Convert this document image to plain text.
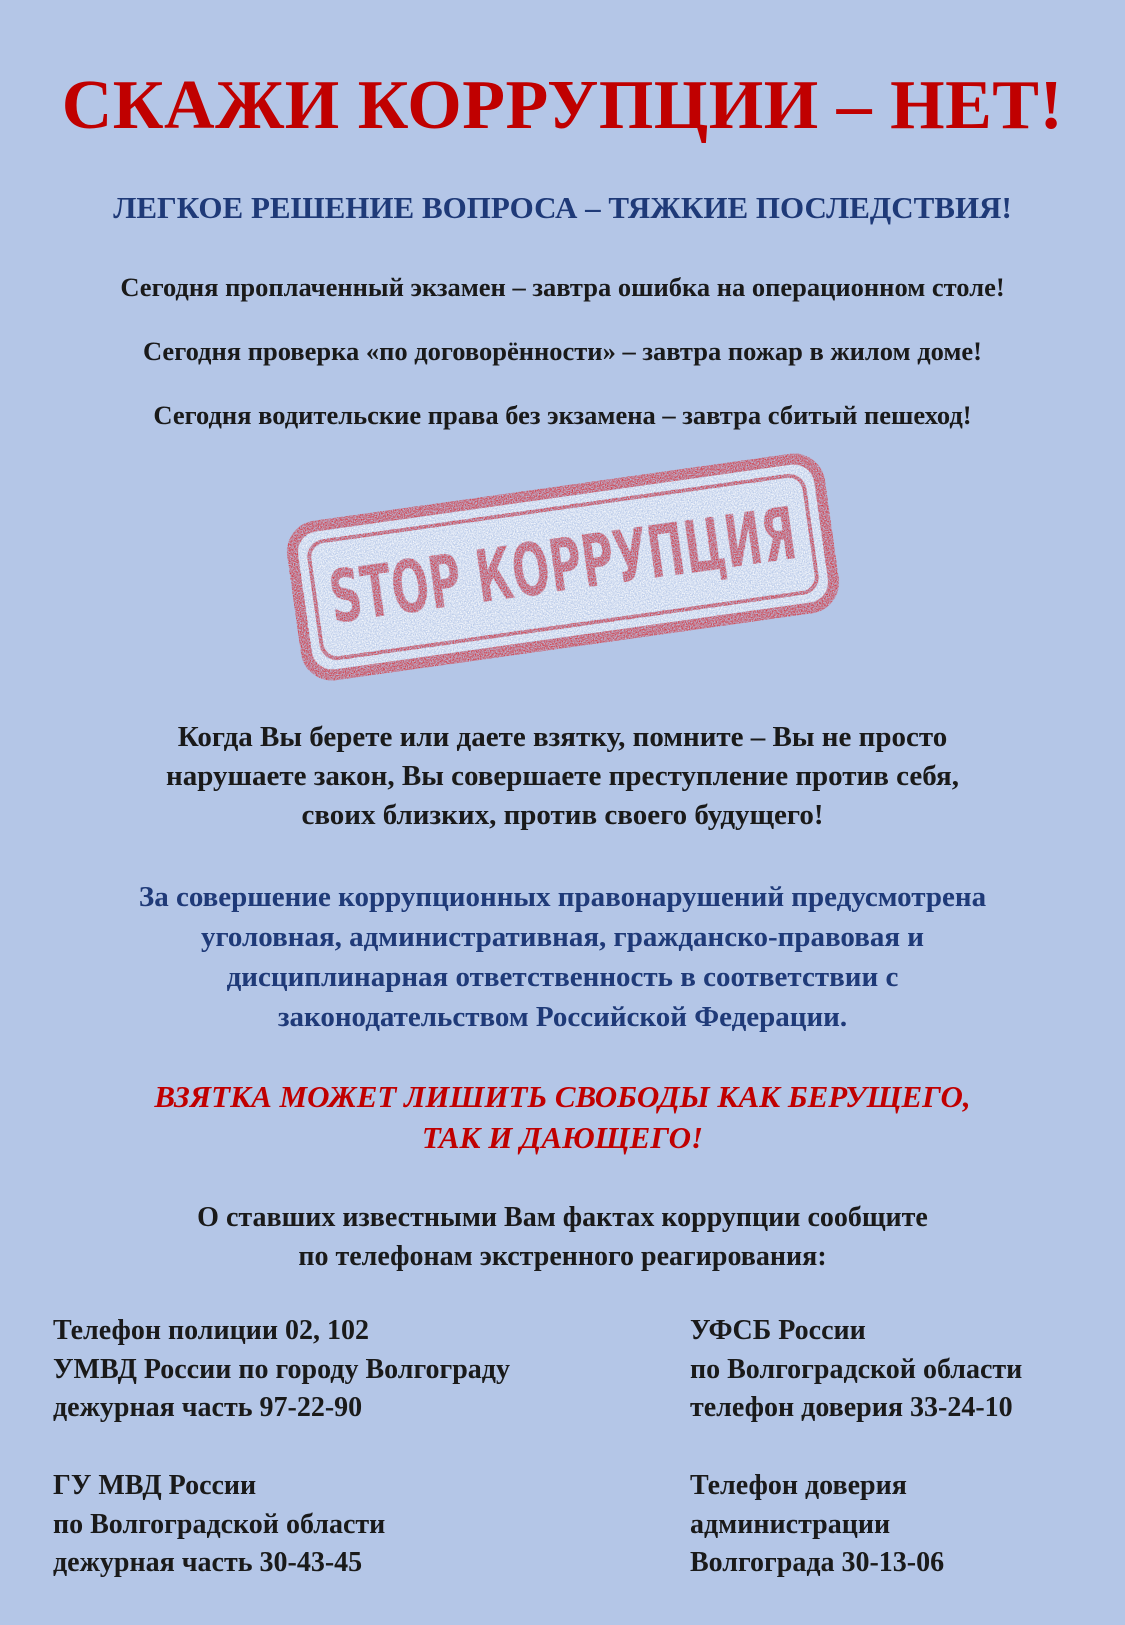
СКАЖИ КОРРУПЦИИ – НЕТ!
ЛЕГКОЕ РЕШЕНИЕ ВОПРОСА – ТЯЖКИЕ ПОСЛЕДСТВИЯ!
Сегодня проплаченный экзамен – завтра ошибка на операционном столе!
Сегодня проверка «по договорённости» – завтра пожар в жилом доме!
Сегодня водительские права без экзамена – завтра сбитый пешеход!
STOP КОРРУПЦИЯ
Когда Вы берете или даете взятку, помните – Вы не просто
нарушаете закон, Вы совершаете преступление против себя,
своих близких, против своего будущего!
За совершение коррупционных правонарушений предусмотрена
уголовная, административная, гражданско-правовая и
дисциплинарная ответственность в соответствии с
законодательством Российской Федерации.
ВЗЯТКА МОЖЕТ ЛИШИТЬ СВОБОДЫ КАК БЕРУЩЕГО,
ТАК И ДАЮЩЕГО!
О ставших известными Вам фактах коррупции сообщите
по телефонам экстренного реагирования:
Телефон полиции 02, 102
УМВД России по городу Волгограду
дежурная часть 97-22-90
УФСБ России
по Волгоградской области
телефон доверия 33-24-10
ГУ МВД России
по Волгоградской области
дежурная часть 30-43-45
Телефон доверия
администрации
Волгограда 30-13-06
